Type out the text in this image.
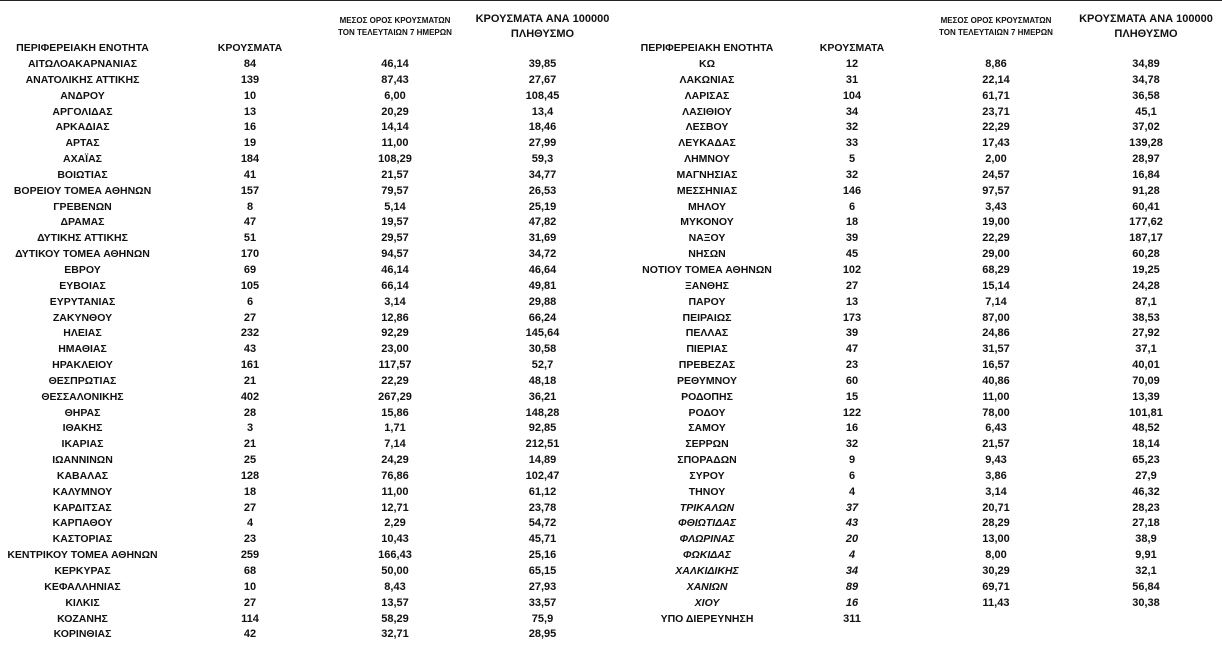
ΠΕΡΙΦΕΡΕΙΑΚΗ ΕΝΟΤΗΤΑ	ΚΡΟΥΣΜΑΤΑ
ΜΕΣΟΣ ΟΡΟΣ ΚΡΟΥΣΜΑΤΩΝ
ΤΟΝ ΤΕΛΕΥΤΑΙΩΝ 7 ΗΜΕΡΩΝ
ΚΡΟΥΣΜΑΤΑ ΑΝΑ 100000
ΠΛΗΘΥΣΜΟ
ΑΙΤΩΛΟΑΚΑΡΝΑΝΙΑΣ	84	46,14	39,85
ΑΝΑΤΟΛΙΚΗΣ ΑΤΤΙΚΗΣ	139	87,43	27,67
ΑΝΔΡΟΥ	10	6,00	108,45
ΑΡΓΟΛΙΔΑΣ	13	20,29	13,4
ΑΡΚΑΔΙΑΣ	16	14,14	18,46
ΑΡΤΑΣ	19	11,00	27,99
ΑΧΑΪΑΣ	184	108,29	59,3
ΒΟΙΩΤΙΑΣ	41	21,57	34,77
ΒΟΡΕΙΟΥ ΤΟΜΕΑ ΑΘΗΝΩΝ	157	79,57	26,53
ΓΡΕΒΕΝΩΝ	8	5,14	25,19
ΔΡΑΜΑΣ	47	19,57	47,82
ΔΥΤΙΚΗΣ ΑΤΤΙΚΗΣ	51	29,57	31,69
ΔΥΤΙΚΟΥ ΤΟΜΕΑ ΑΘΗΝΩΝ	170	94,57	34,72
ΕΒΡΟΥ	69	46,14	46,64
ΕΥΒΟΙΑΣ	105	66,14	49,81
ΕΥΡΥΤΑΝΙΑΣ	6	3,14	29,88
ΖΑΚΥΝΘΟΥ	27	12,86	66,24
ΗΛΕΙΑΣ	232	92,29	145,64
ΗΜΑΘΙΑΣ	43	23,00	30,58
ΗΡΑΚΛΕΙΟΥ	161	117,57	52,7
ΘΕΣΠΡΩΤΙΑΣ	21	22,29	48,18
ΘΕΣΣΑΛΟΝΙΚΗΣ	402	267,29	36,21
ΘΗΡΑΣ	28	15,86	148,28
ΙΘΑΚΗΣ	3	1,71	92,85
ΙΚΑΡΙΑΣ	21	7,14	212,51
ΙΩΑΝΝΙΝΩΝ	25	24,29	14,89
ΚΑΒΑΛΑΣ	128	76,86	102,47
ΚΑΛΥΜΝΟΥ	18	11,00	61,12
ΚΑΡΔΙΤΣΑΣ	27	12,71	23,78
ΚΑΡΠΑΘΟΥ	4	2,29	54,72
ΚΑΣΤΟΡΙΑΣ	23	10,43	45,71
ΚΕΝΤΡΙΚΟΥ ΤΟΜΕΑ ΑΘΗΝΩΝ	259	166,43	25,16
ΚΕΡΚΥΡΑΣ	68	50,00	65,15
ΚΕΦΑΛΛΗΝΙΑΣ	10	8,43	27,93
ΚΙΛΚΙΣ	27	13,57	33,57
ΚΟΖΑΝΗΣ	114	58,29	75,9
ΚΟΡΙΝΘΙΑΣ	42	32,71	28,95
ΠΕΡΙΦΕΡΕΙΑΚΗ ΕΝΟΤΗΤΑ	ΚΡΟΥΣΜΑΤΑ
ΜΕΣΟΣ ΟΡΟΣ ΚΡΟΥΣΜΑΤΩΝ
ΤΟΝ ΤΕΛΕΥΤΑΙΩΝ 7 ΗΜΕΡΩΝ
ΚΡΟΥΣΜΑΤΑ ΑΝΑ 100000
ΠΛΗΘΥΣΜΟ
ΚΩ	12	8,86	34,89
ΛΑΚΩΝΙΑΣ	31	22,14	34,78
ΛΑΡΙΣΑΣ	104	61,71	36,58
ΛΑΣΙΘΙΟΥ	34	23,71	45,1
ΛΕΣΒΟΥ	32	22,29	37,02
ΛΕΥΚΑΔΑΣ	33	17,43	139,28
ΛΗΜΝΟΥ	5	2,00	28,97
ΜΑΓΝΗΣΙΑΣ	32	24,57	16,84
ΜΕΣΣΗΝΙΑΣ	146	97,57	91,28
ΜΗΛΟΥ	6	3,43	60,41
ΜΥΚΟΝΟΥ	18	19,00	177,62
ΝΑΞΟΥ	39	22,29	187,17
ΝΗΣΩΝ	45	29,00	60,28
ΝΟΤΙΟΥ ΤΟΜΕΑ ΑΘΗΝΩΝ	102	68,29	19,25
ΞΑΝΘΗΣ	27	15,14	24,28
ΠΑΡΟΥ	13	7,14	87,1
ΠΕΙΡΑΙΩΣ	173	87,00	38,53
ΠΕΛΛΑΣ	39	24,86	27,92
ΠΙΕΡΙΑΣ	47	31,57	37,1
ΠΡΕΒΕΖΑΣ	23	16,57	40,01
ΡΕΘΥΜΝΟΥ	60	40,86	70,09
ΡΟΔΟΠΗΣ	15	11,00	13,39
ΡΟΔΟΥ	122	78,00	101,81
ΣΑΜΟΥ	16	6,43	48,52
ΣΕΡΡΩΝ	32	21,57	18,14
ΣΠΟΡΑΔΩΝ	9	9,43	65,23
ΣΥΡΟΥ	6	3,86	27,9
ΤΗΝΟΥ	4	3,14	46,32
ΤΡΙΚΑΛΩΝ	37	20,71	28,23
ΦΘΙΩΤΙΔΑΣ	43	28,29	27,18
ΦΛΩΡΙΝΑΣ	20	13,00	38,9
ΦΩΚΙΔΑΣ	4	8,00	9,91
ΧΑΛΚΙΔΙΚΗΣ	34	30,29	32,1
ΧΑΝΙΩΝ	89	69,71	56,84
ΧΙΟΥ	16	11,43	30,38
ΥΠΟ ΔΙΕΡΕΥΝΗΣΗ	311
